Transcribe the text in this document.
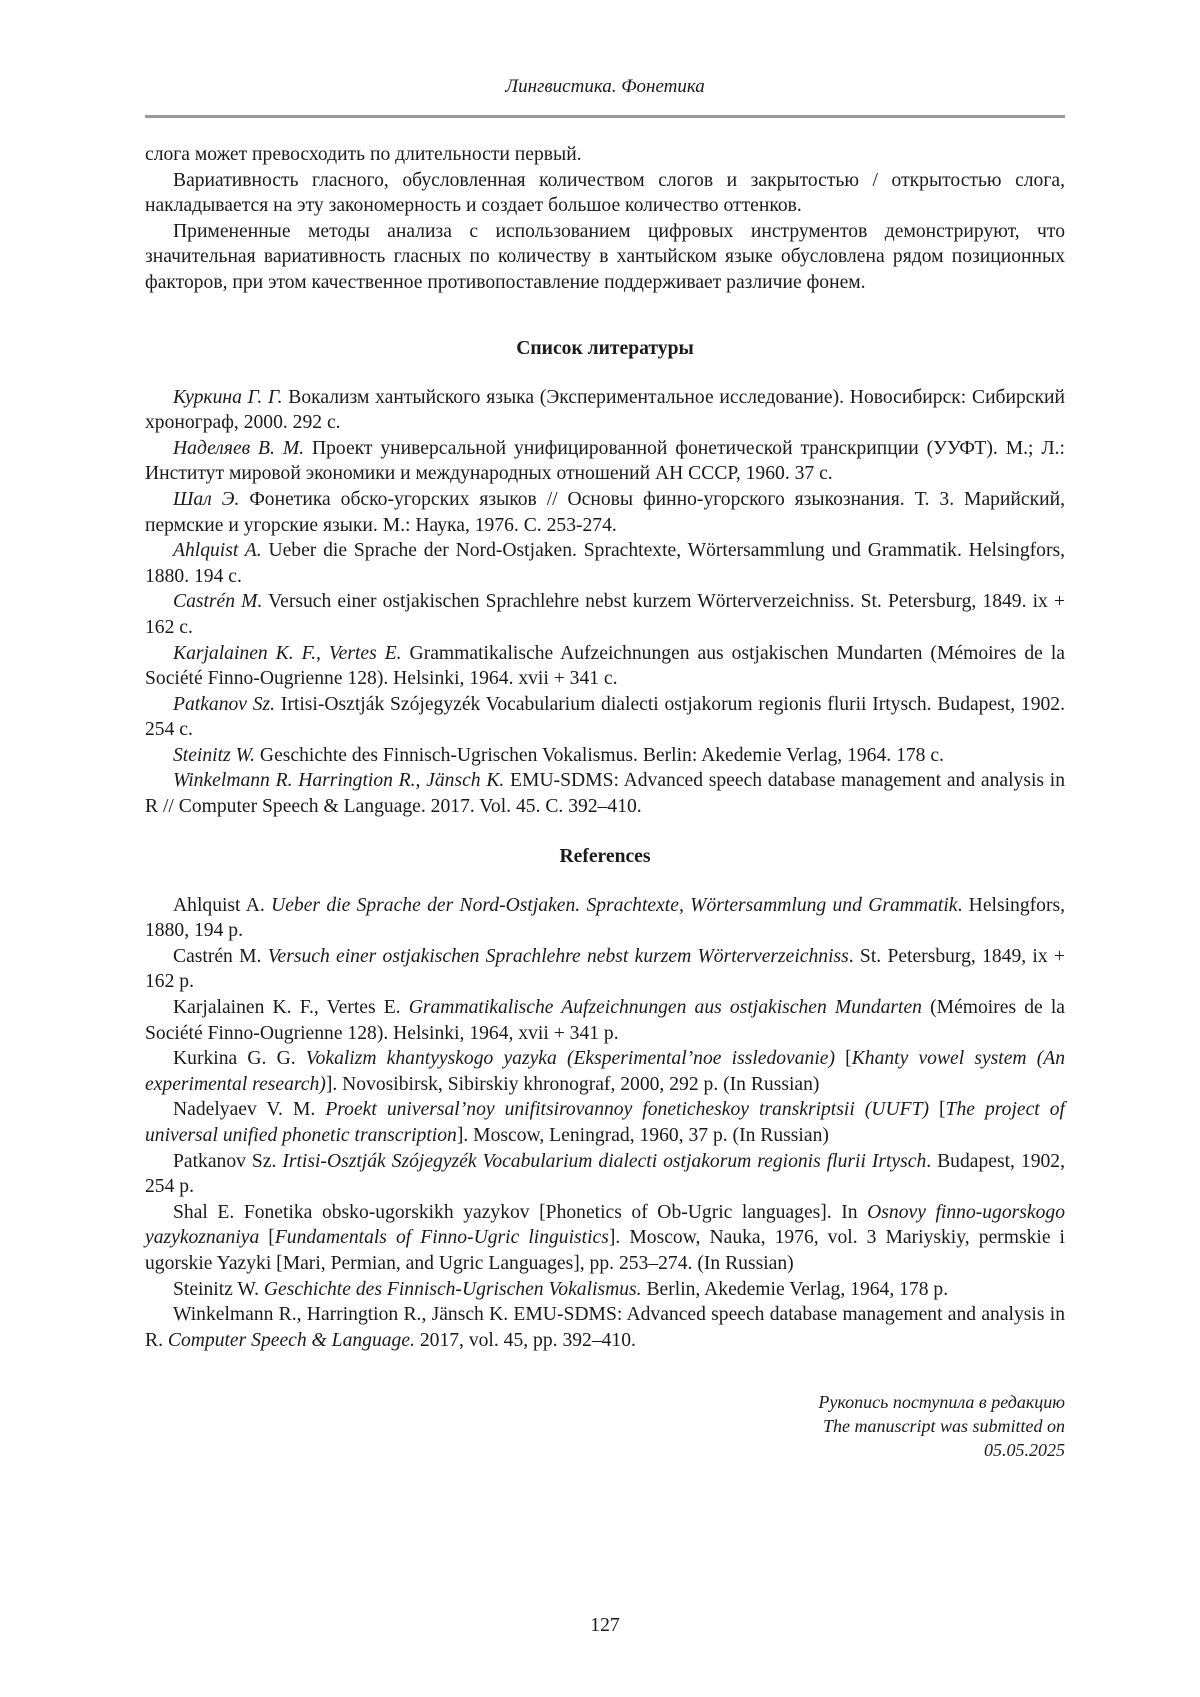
Лингвистика. Фонетика

слога может превосходить по длительности первый.

Вариативность гласного, обусловленная количеством слогов и закрытостью / открытостью слога, накладывается на эту закономерность и создает большое количество оттенков.

Примененные методы анализа с использованием цифровых инструментов демонстрируют, что значительная вариативность гласных по количеству в хантыйском языке обусловлена рядом позиционных факторов, при этом качественное противопоставление поддерживает различие фонем.

Список литературы

Куркина Г. Г. Вокализм хантыйского языка (Экспериментальное исследование). Новосибирск: Сибирский хронограф, 2000. 292 с.

Наделяев В. М. Проект универсальной унифицированной фонетической транскрипции (УУФТ). М.; Л.: Институт мировой экономики и международных отношений АН СССР, 1960. 37 с.

Шал Э. Фонетика обско-угорских языков // Основы финно-угорского языкознания. Т. 3. Марийский, пермские и угорские языки. М.: Наука, 1976. С. 253-274.

Ahlquist A. Ueber die Sprache der Nord-Ostjaken. Sprachtexte, Wörtersammlung und Grammatik. Helsingfors, 1880. 194 с.

Castrén M. Versuch einer ostjakischen Sprachlehre nebst kurzem Wörterverzeichniss. St. Petersburg, 1849. ix + 162 с.

Karjalainen K. F., Vertes E. Grammatikalische Aufzeichnungen aus ostjakischen Mundarten (Mémoires de la Société Finno-Ougrienne 128). Helsinki, 1964. xvii + 341 с.

Patkanov Sz. Irtisi-Osztják Szójegyzék Vocabularium dialecti ostjakorum regionis flurii Irtysch. Budapest, 1902. 254 с.

Steinitz W. Geschichte des Finnisch-Ugrischen Vokalismus. Berlin: Akedemie Verlag, 1964. 178 с.

Winkelmann R. Harringtion R., Jänsch K. EMU-SDMS: Advanced speech database management and analysis in R // Computer Speech & Language. 2017. Vol. 45. С. 392–410.

References

Ahlquist A. Ueber die Sprache der Nord-Ostjaken. Sprachtexte, Wörtersammlung und Grammatik. Helsingfors, 1880, 194 p.

Castrén M. Versuch einer ostjakischen Sprachlehre nebst kurzem Wörterverzeichniss. St. Petersburg, 1849, ix + 162 p.

Karjalainen K. F., Vertes E. Grammatikalische Aufzeichnungen aus ostjakischen Mundarten (Mémoires de la Société Finno-Ougrienne 128). Helsinki, 1964, xvii + 341 p.

Kurkina G. G. Vokalizm khantyyskogo yazyka (Eksperimental’noe issledovanie) [Khanty vowel system (An experimental research)]. Novosibirsk, Sibirskiy khronograf, 2000, 292 p. (In Russian)

Nadelyaev V. M. Proekt universal’noy unifitsirovannoy foneticheskoy transkriptsii (UUFT) [The project of universal unified phonetic transcription]. Moscow, Leningrad, 1960, 37 p. (In Russian)

Patkanov Sz. Irtisi-Osztják Szójegyzék Vocabularium dialecti ostjakorum regionis flurii Irtysch. Budapest, 1902, 254 p.

Shal E. Fonetika obsko-ugorskikh yazykov [Phonetics of Ob-Ugric languages]. In Osnovy finno-ugorskogo yazykoznaniya [Fundamentals of Finno-Ugric linguistics]. Moscow, Nauka, 1976, vol. 3 Mariyskiy, permskie i ugorskie Yazyki [Mari, Permian, and Ugric Languages], pp. 253–274. (In Russian)

Steinitz W. Geschichte des Finnisch-Ugrischen Vokalismus. Berlin, Akedemie Verlag, 1964, 178 p.

Winkelmann R., Harringtion R., Jänsch K. EMU-SDMS: Advanced speech database management and analysis in R. Computer Speech & Language. 2017, vol. 45, pp. 392–410.

Рукопись поступила в редакцию
The manuscript was submitted on
05.05.2025
127
